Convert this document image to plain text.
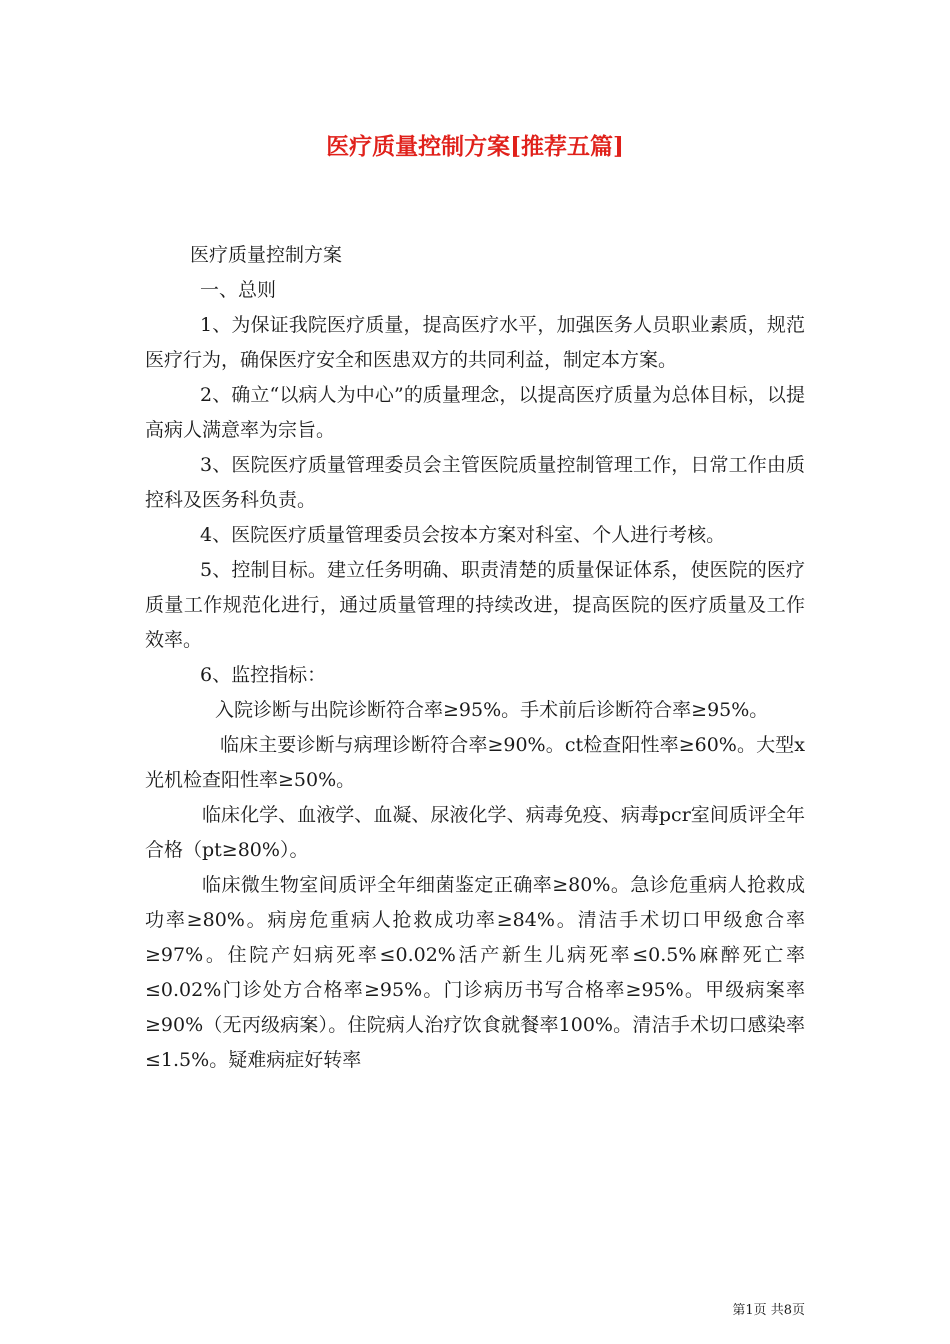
医疗质量控制方案[推荐五篇]

医疗质量控制方案

一、总则

1、为保证我院医疗质量，提高医疗水平，加强医务人员职业素质，规范医疗行为，确保医疗安全和医患双方的共同利益，制定本方案。

2、确立“以病人为中心”的质量理念，以提高医疗质量为总体目标，以提高病人满意率为宗旨。

3、医院医疗质量管理委员会主管医院质量控制管理工作，日常工作由质控科及医务科负责。

4、医院医疗质量管理委员会按本方案对科室、个人进行考核。

5、控制目标。建立任务明确、职责清楚的质量保证体系，使医院的医疗质量工作规范化进行，通过质量管理的持续改进，提高医院的医疗质量及工作效率。

6、监控指标：

入院诊断与出院诊断符合率≥95%。手术前后诊断符合率≥95%。

临床主要诊断与病理诊断符合率≥90%。ct检查阳性率≥60%。大型x光机检查阳性率≥50%。

临床化学、血液学、血凝、尿液化学、病毒免疫、病毒pcr室间质评全年合格（pt≥80%）。

临床微生物室间质评全年细菌鉴定正确率≥80%。急诊危重病人抢救成功率≥80%。病房危重病人抢救成功率≥84%。清洁手术切口甲级愈合率≥97%。住院产妇病死率≤0.02%活产新生儿病死率≤0.5%麻醉死亡率≤0.02%门诊处方合格率≥95%。门诊病历书写合格率≥95%。甲级病案率≥90%（无丙级病案）。住院病人治疗饮食就餐率100%。清洁手术切口感染率≤1.5%。疑难病症好转率

第1页 共8页
